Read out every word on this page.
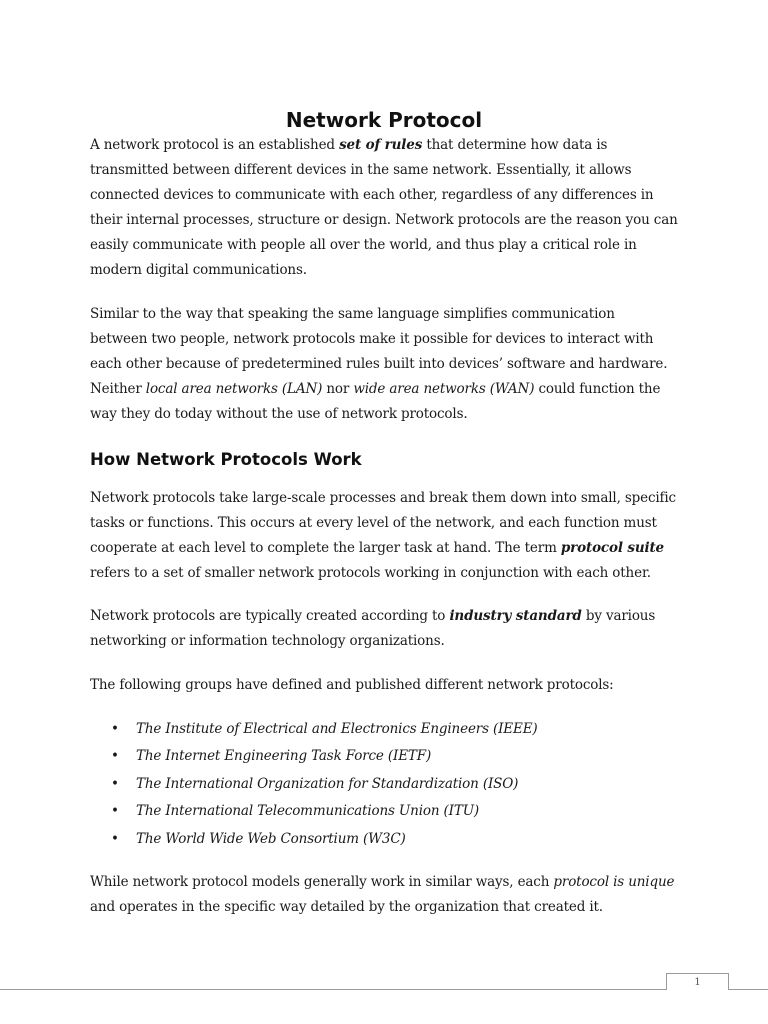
Network Protocol

A network protocol is an established set of rules that determine how data is
transmitted between different devices in the same network. Essentially, it allows
connected devices to communicate with each other, regardless of any differences in
their internal processes, structure or design. Network protocols are the reason you can
easily communicate with people all over the world, and thus play a critical role in
modern digital communications.

Similar to the way that speaking the same language simplifies communication
between two people, network protocols make it possible for devices to interact with
each other because of predetermined rules built into devices’ software and hardware.
Neither local area networks (LAN) nor wide area networks (WAN) could function the
way they do today without the use of network protocols.

How Network Protocols Work

Network protocols take large-scale processes and break them down into small, specific
tasks or functions. This occurs at every level of the network, and each function must
cooperate at each level to complete the larger task at hand. The term protocol suite
refers to a set of smaller network protocols working in conjunction with each other.

Network protocols are typically created according to industry standard by various
networking or information technology organizations.

The following groups have defined and published different network protocols:

• The Institute of Electrical and Electronics Engineers (IEEE)
• The Internet Engineering Task Force (IETF)
• The International Organization for Standardization (ISO)
• The International Telecommunications Union (ITU)
• The World Wide Web Consortium (W3C)

While network protocol models generally work in similar ways, each protocol is unique
and operates in the specific way detailed by the organization that created it.

1
